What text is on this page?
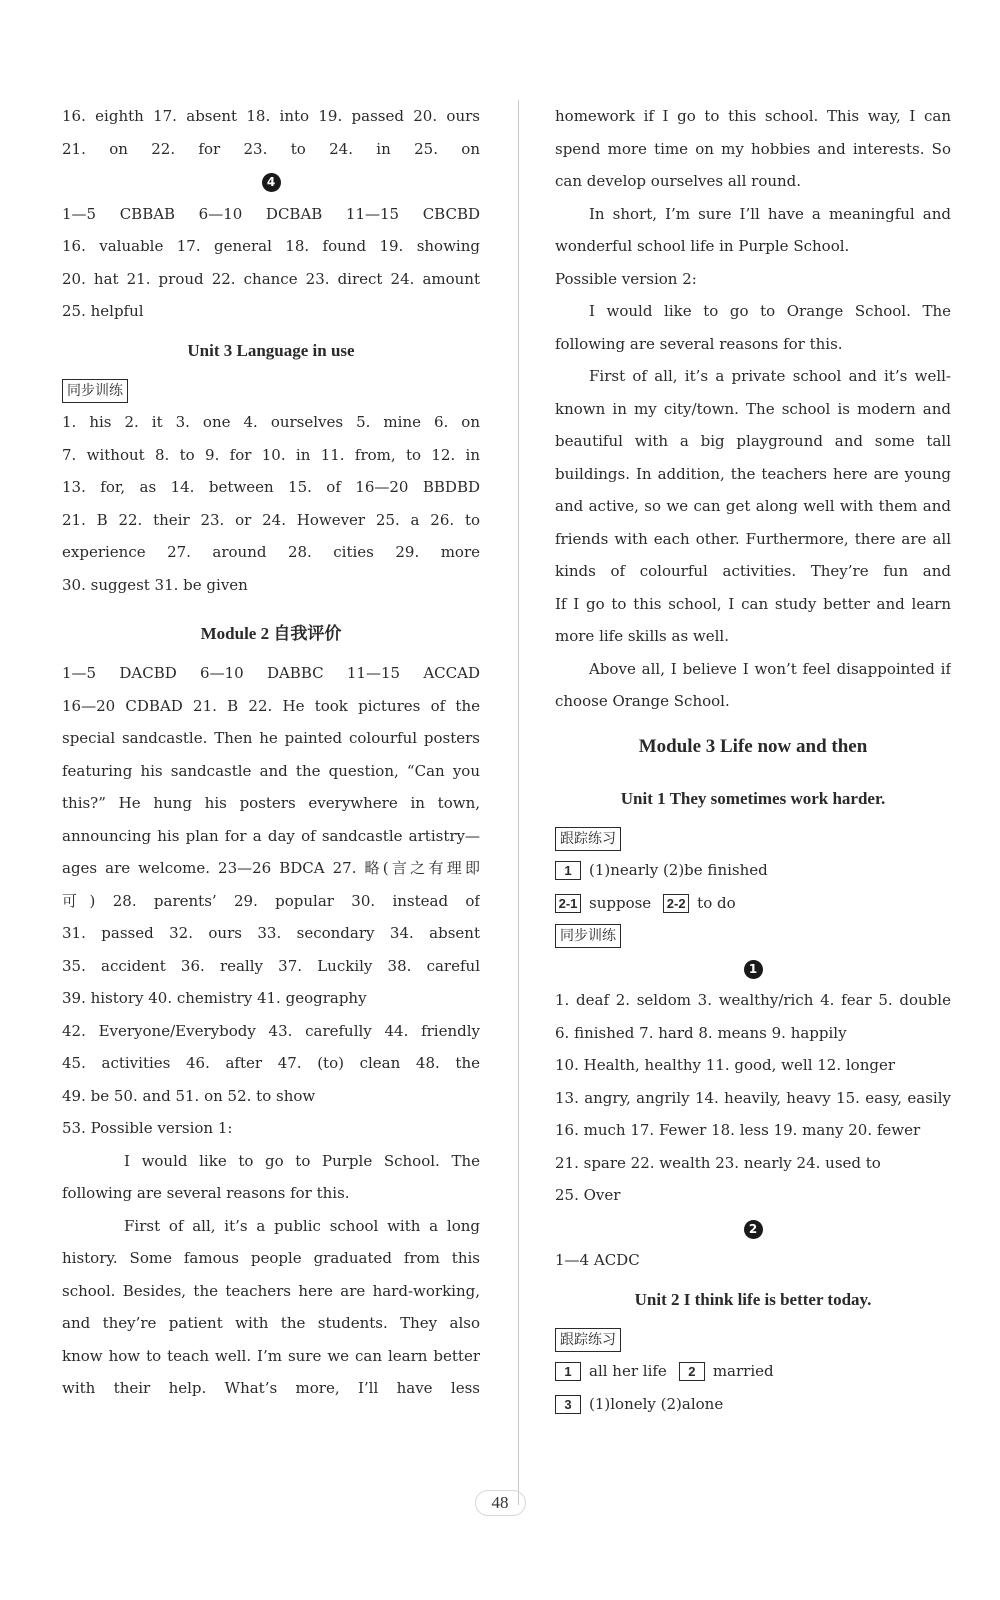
16. eighth 17. absent 18. into 19. passed 20. ours
21. on 22. for 23. to 24. in 25. on
4
1—5 CBBAB 6—10 DCBAB 11—15 CBCBD
16. valuable 17. general 18. found 19. showing
20. hat 21. proud 22. chance 23. direct 24. amount
25. helpful
Unit 3 Language in use
同步训练
1. his 2. it 3. one 4. ourselves 5. mine 6. on
7. without 8. to 9. for 10. in 11. from, to 12. in
13. for, as 14. between 15. of 16—20 BBDBD
21. B 22. their 23. or 24. However 25. a 26. to
experience 27. around 28. cities 29. more
30. suggest 31. be given
Module 2 自我评价
1—5 DACBD 6—10 DABBC 11—15 ACCAD
16—20 CDBAD 21. B 22. He took pictures of the
special sandcastle. Then he painted colourful posters
featuring his sandcastle and the question, “Can you
this?” He hung his posters everywhere in town,
announcing his plan for a day of sandcastle artistry—
ages are welcome. 23—26 BDCA 27. 略(言之有理即
可) 28. parents’ 29. popular 30. instead of
31. passed 32. ours 33. secondary 34. absent
35. accident 36. really 37. Luckily 38. careful
39. history 40. chemistry 41. geography
42. Everyone/Everybody 43. carefully 44. friendly
45. activities 46. after 47. (to) clean 48. the
49. be 50. and 51. on 52. to show
53. Possible version 1:
I would like to go to Purple School. The
following are several reasons for this.
First of all, it’s a public school with a long
history. Some famous people graduated from this
school. Besides, the teachers here are hard-working,
and they’re patient with the students. They also
know how to teach well. I’m sure we can learn better
with their help. What’s more, I’ll have less
homework if I go to this school. This way, I can
spend more time on my hobbies and interests. So
can develop ourselves all round.
In short, I’m sure I’ll have a meaningful and
wonderful school life in Purple School.
Possible version 2:
I would like to go to Orange School. The
following are several reasons for this.
First of all, it’s a private school and it’s well-
known in my city/town. The school is modern and
beautiful with a big playground and some tall
buildings. In addition, the teachers here are young
and active, so we can get along well with them and
friends with each other. Furthermore, there are all
kinds of colourful activities. They’re fun and
If I go to this school, I can study better and learn
more life skills as well.
Above all, I believe I won’t feel disappointed if
choose Orange School.
Module 3 Life now and then
Unit 1 They sometimes work harder.
跟踪练习
1 (1)nearly (2)be finished
2-1 suppose 2-2 to do
同步训练
1
1. deaf 2. seldom 3. wealthy/rich 4. fear 5. double
6. finished 7. hard 8. means 9. happily
10. Health, healthy 11. good, well 12. longer
13. angry, angrily 14. heavily, heavy 15. easy, easily
16. much 17. Fewer 18. less 19. many 20. fewer
21. spare 22. wealth 23. nearly 24. used to
25. Over
2
1—4 ACDC
Unit 2 I think life is better today.
跟踪练习
1 all her life 2 married
3 (1)lonely (2)alone
48
